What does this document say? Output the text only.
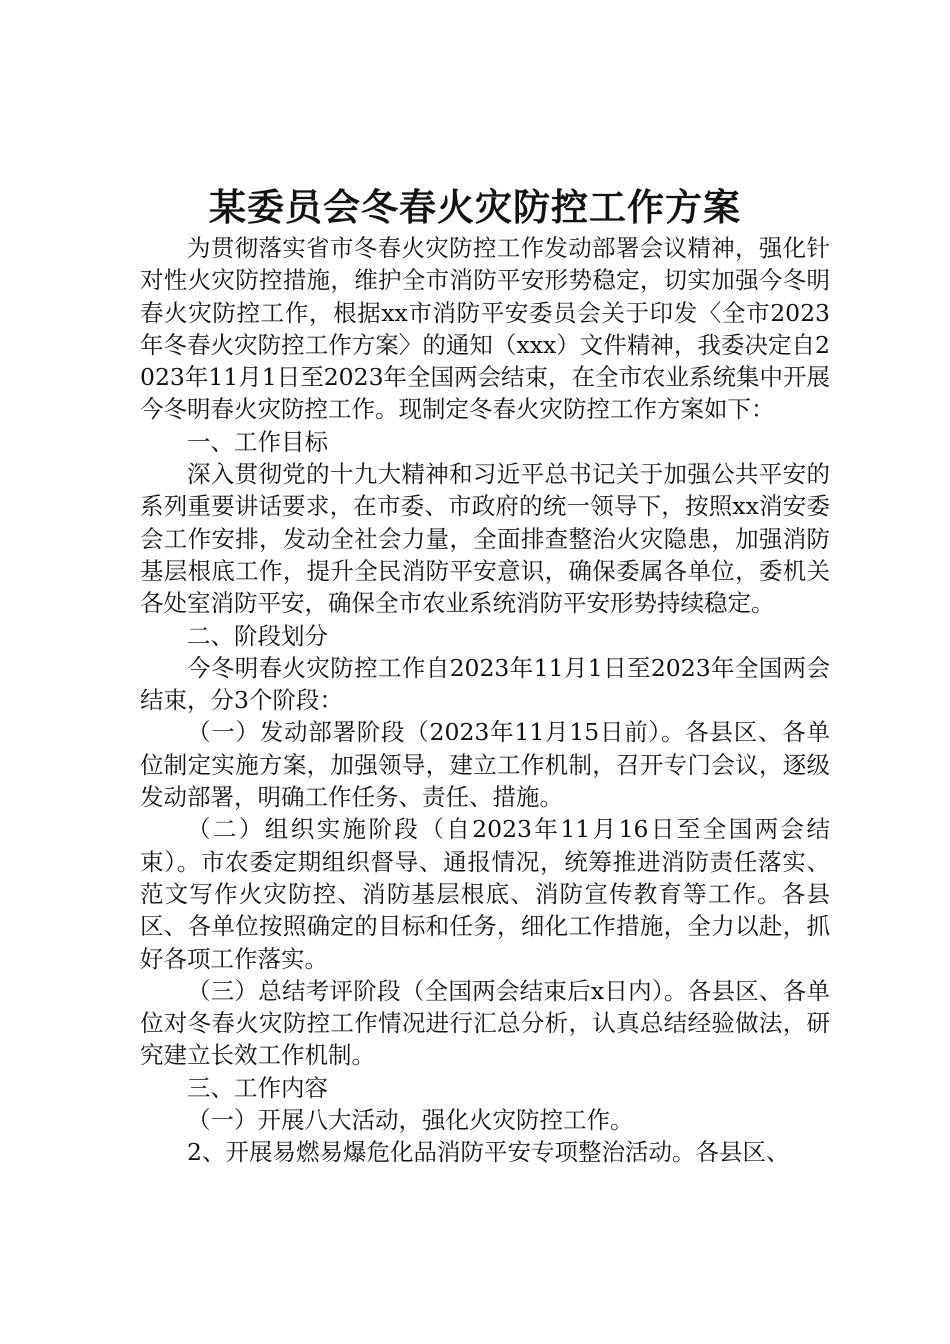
某委员会冬春火灾防控工作方案

为贯彻落实省市冬春火灾防控工作发动部署会议精神，强化针对性火灾防控措施，维护全市消防平安形势稳定，切实加强今冬明春火灾防控工作，根据xx市消防平安委员会关于印发〈全市2023年冬春火灾防控工作方案〉的通知（xxx）文件精神，我委决定自2023年11月1日至2023年全国两会结束，在全市农业系统集中开展今冬明春火灾防控工作。现制定冬春火灾防控工作方案如下：

一、工作目标

深入贯彻党的十九大精神和习近平总书记关于加强公共平安的系列重要讲话要求，在市委、市政府的统一领导下，按照xx消安委会工作安排，发动全社会力量，全面排查整治火灾隐患，加强消防基层根底工作，提升全民消防平安意识，确保委属各单位，委机关各处室消防平安，确保全市农业系统消防平安形势持续稳定。

二、阶段划分

今冬明春火灾防控工作自2023年11月1日至2023年全国两会结束，分3个阶段：

（一）发动部署阶段（2023年11月15日前）。各县区、各单位制定实施方案，加强领导，建立工作机制，召开专门会议，逐级发动部署，明确工作任务、责任、措施。

（二）组织实施阶段（自2023年11月16日至全国两会结束）。市农委定期组织督导、通报情况，统筹推进消防责任落实、范文写作火灾防控、消防基层根底、消防宣传教育等工作。各县区、各单位按照确定的目标和任务，细化工作措施，全力以赴，抓好各项工作落实。

（三）总结考评阶段（全国两会结束后x日内）。各县区、各单位对冬春火灾防控工作情况进行汇总分析，认真总结经验做法，研究建立长效工作机制。

三、工作内容

（一）开展八大活动，强化火灾防控工作。

2、开展易燃易爆危化品消防平安专项整治活动。各县区、
